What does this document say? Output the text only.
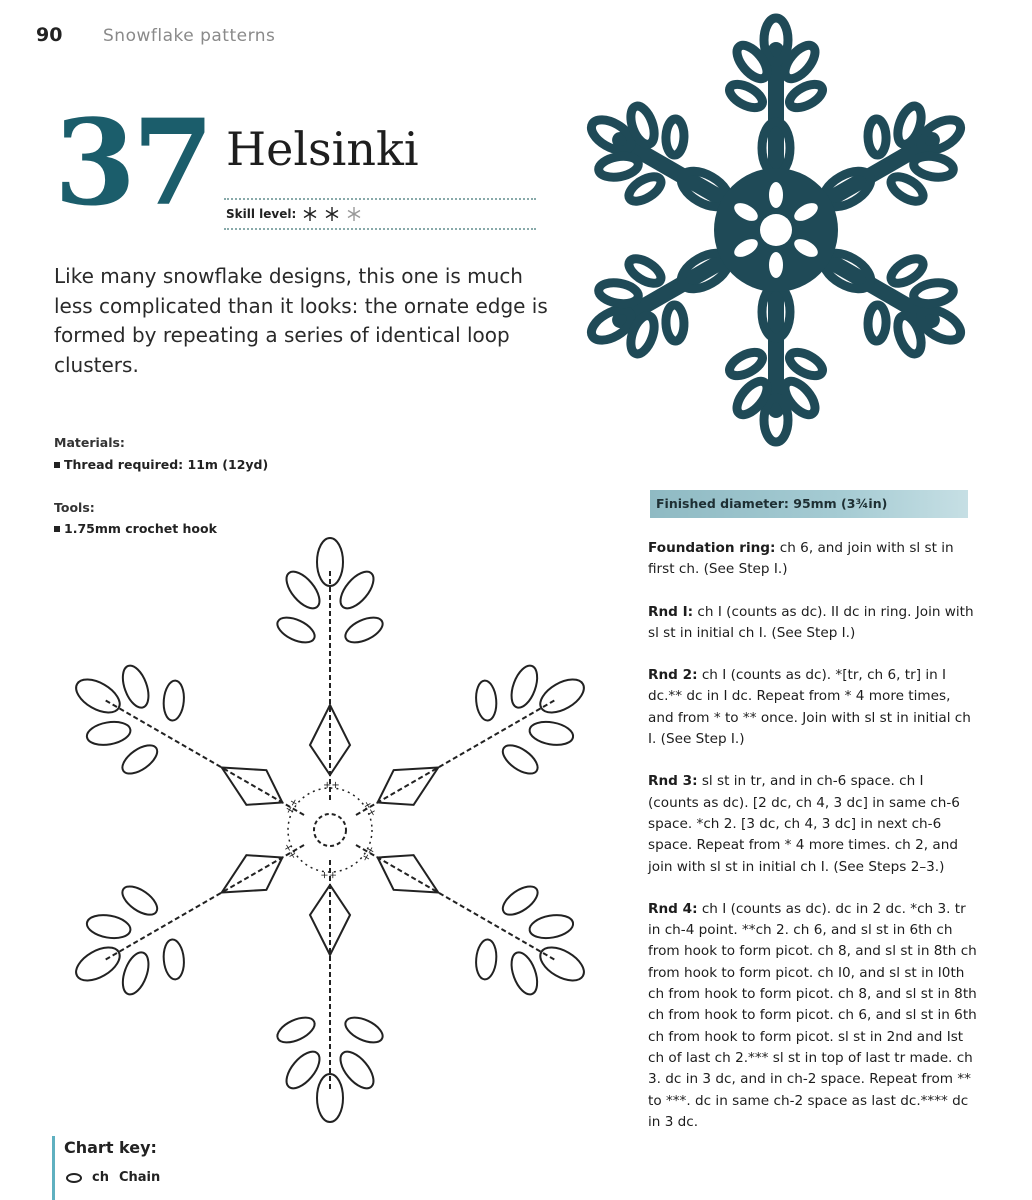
90 Snowflake patterns
37 Helsinki
Skill level:
Like many snowflake designs, this one is much less complicated than it looks: the ornate edge is formed by repeating a series of identical loop clusters.
Materials:
Thread required: 11m (12yd)
Tools:
1.75mm crochet hook
Finished diameter: 95mm (3¾in)

Foundation ring: ch 6, and join with sl st in first ch. (See Step I.)

Rnd I: ch I (counts as dc). II dc in ring. Join with sl st in initial ch I. (See Step I.)

Rnd 2: ch I (counts as dc). *[tr, ch 6, tr] in I dc.** dc in I dc. Repeat from * 4 more times, and from * to ** once. Join with sl st in initial ch I. (See Step I.)

Rnd 3: sl st in tr, and in ch-6 space. ch I (counts as dc). [2 dc, ch 4, 3 dc] in same ch-6 space. *ch 2. [3 dc, ch 4, 3 dc] in next ch-6 space. Repeat from * 4 more times. ch 2, and join with sl st in initial ch I. (See Steps 2–3.)

Rnd 4: ch I (counts as dc). dc in 2 dc. *ch 3. tr in ch-4 point. **ch 2. ch 6, and sl st in 6th ch from hook to form picot. ch 8, and sl st in 8th ch from hook to form picot. ch I0, and sl st in I0th ch from hook to form picot. ch 8, and sl st in 8th ch from hook to form picot. ch 6, and sl st in 6th ch from hook to form picot. sl st in 2nd and Ist ch of last ch 2.*** sl st in top of last tr made. ch 3. dc in 3 dc, and in ch-2 space. Repeat from ** to ***. dc in same ch-2 space as last dc.**** dc in 3 dc.

Chart key:
ch Chain
